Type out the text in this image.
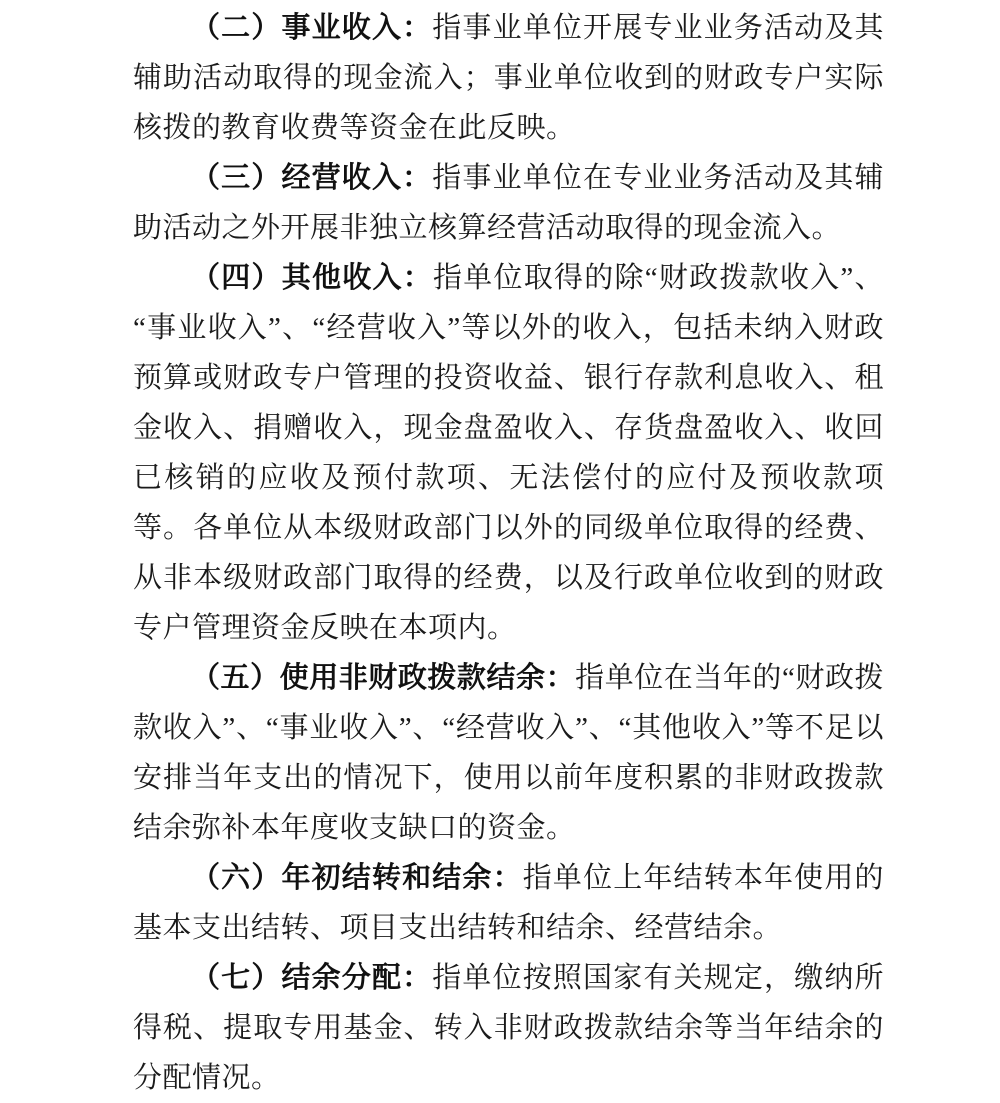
（二）事业收入：指事业单位开展专业业务活动及其辅助活动取得的现金流入；事业单位收到的财政专户实际核拨的教育收费等资金在此反映。

（三）经营收入：指事业单位在专业业务活动及其辅助活动之外开展非独立核算经营活动取得的现金流入。

（四）其他收入：指单位取得的除“财政拨款收入”、“事业收入”、“经营收入”等以外的收入，包括未纳入财政预算或财政专户管理的投资收益、银行存款利息收入、租金收入、捐赠收入，现金盘盈收入、存货盘盈收入、收回已核销的应收及预付款项、无法偿付的应付及预收款项等。各单位从本级财政部门以外的同级单位取得的经费、从非本级财政部门取得的经费，以及行政单位收到的财政专户管理资金反映在本项内。

（五）使用非财政拨款结余：指单位在当年的“财政拨款收入”、“事业收入”、“经营收入”、“其他收入”等不足以安排当年支出的情况下，使用以前年度积累的非财政拨款结余弥补本年度收支缺口的资金。

（六）年初结转和结余：指单位上年结转本年使用的基本支出结转、项目支出结转和结余、经营结余。

（七）结余分配：指单位按照国家有关规定，缴纳所得税、提取专用基金、转入非财政拨款结余等当年结余的分配情况。
